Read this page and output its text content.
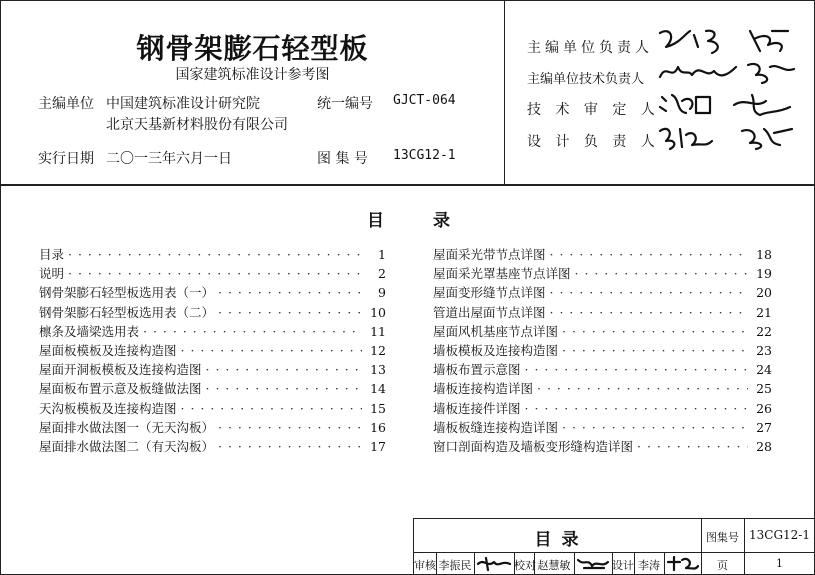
钢骨架膨石轻型板
国家建筑标准设计参考图
主编单位 中国建筑标准设计研究院
北京天基新材料股份有限公司
统一编号 GJCT-064
实行日期 二〇一三年六月一日	图 集 号 13CG12-1
主编单位负责人
主编单位技术负责人
技 术 审 定 人
设 计 负 责 人
目	录
目录 · · ·	1
说明 · · ·	2
钢骨架膨石轻型板选用表（一） · · ·	9
钢骨架膨石轻型板选用表（二） · · ·	10
檩条及墙梁选用表 · · ·	11
屋面板模板及连接构造图 · · ·	12
屋面开洞板模板及连接构造图 · · ·	13
屋面板布置示意及板缝做法图 · · ·	14
天沟板模板及连接构造图 · · ·	15
屋面排水做法图一（无天沟板） · · ·	16
屋面排水做法图二（有天沟板） · · ·	17
屋面采光带节点详图 · · ·	18
屋面采光罩基座节点详图 · · ·	19
屋面变形缝节点详图 · · ·	20
管道出屋面节点详图 · · ·	21
屋面风机基座节点详图 · · ·	22
墙板模板及连接构造图 · · ·	23
墙板布置示意图 · · ·	24
墙板连接构造详图 · · ·	25
墙板连接件详图 · · ·	26
墙板板缝连接构造详图 · · ·	27
窗口剖面构造及墙板变形缝构造详图 · · ·	28
目 录	图集号 13CG12-1
审核 李振民	校对 赵慧敏	设计 李涛	页	1
